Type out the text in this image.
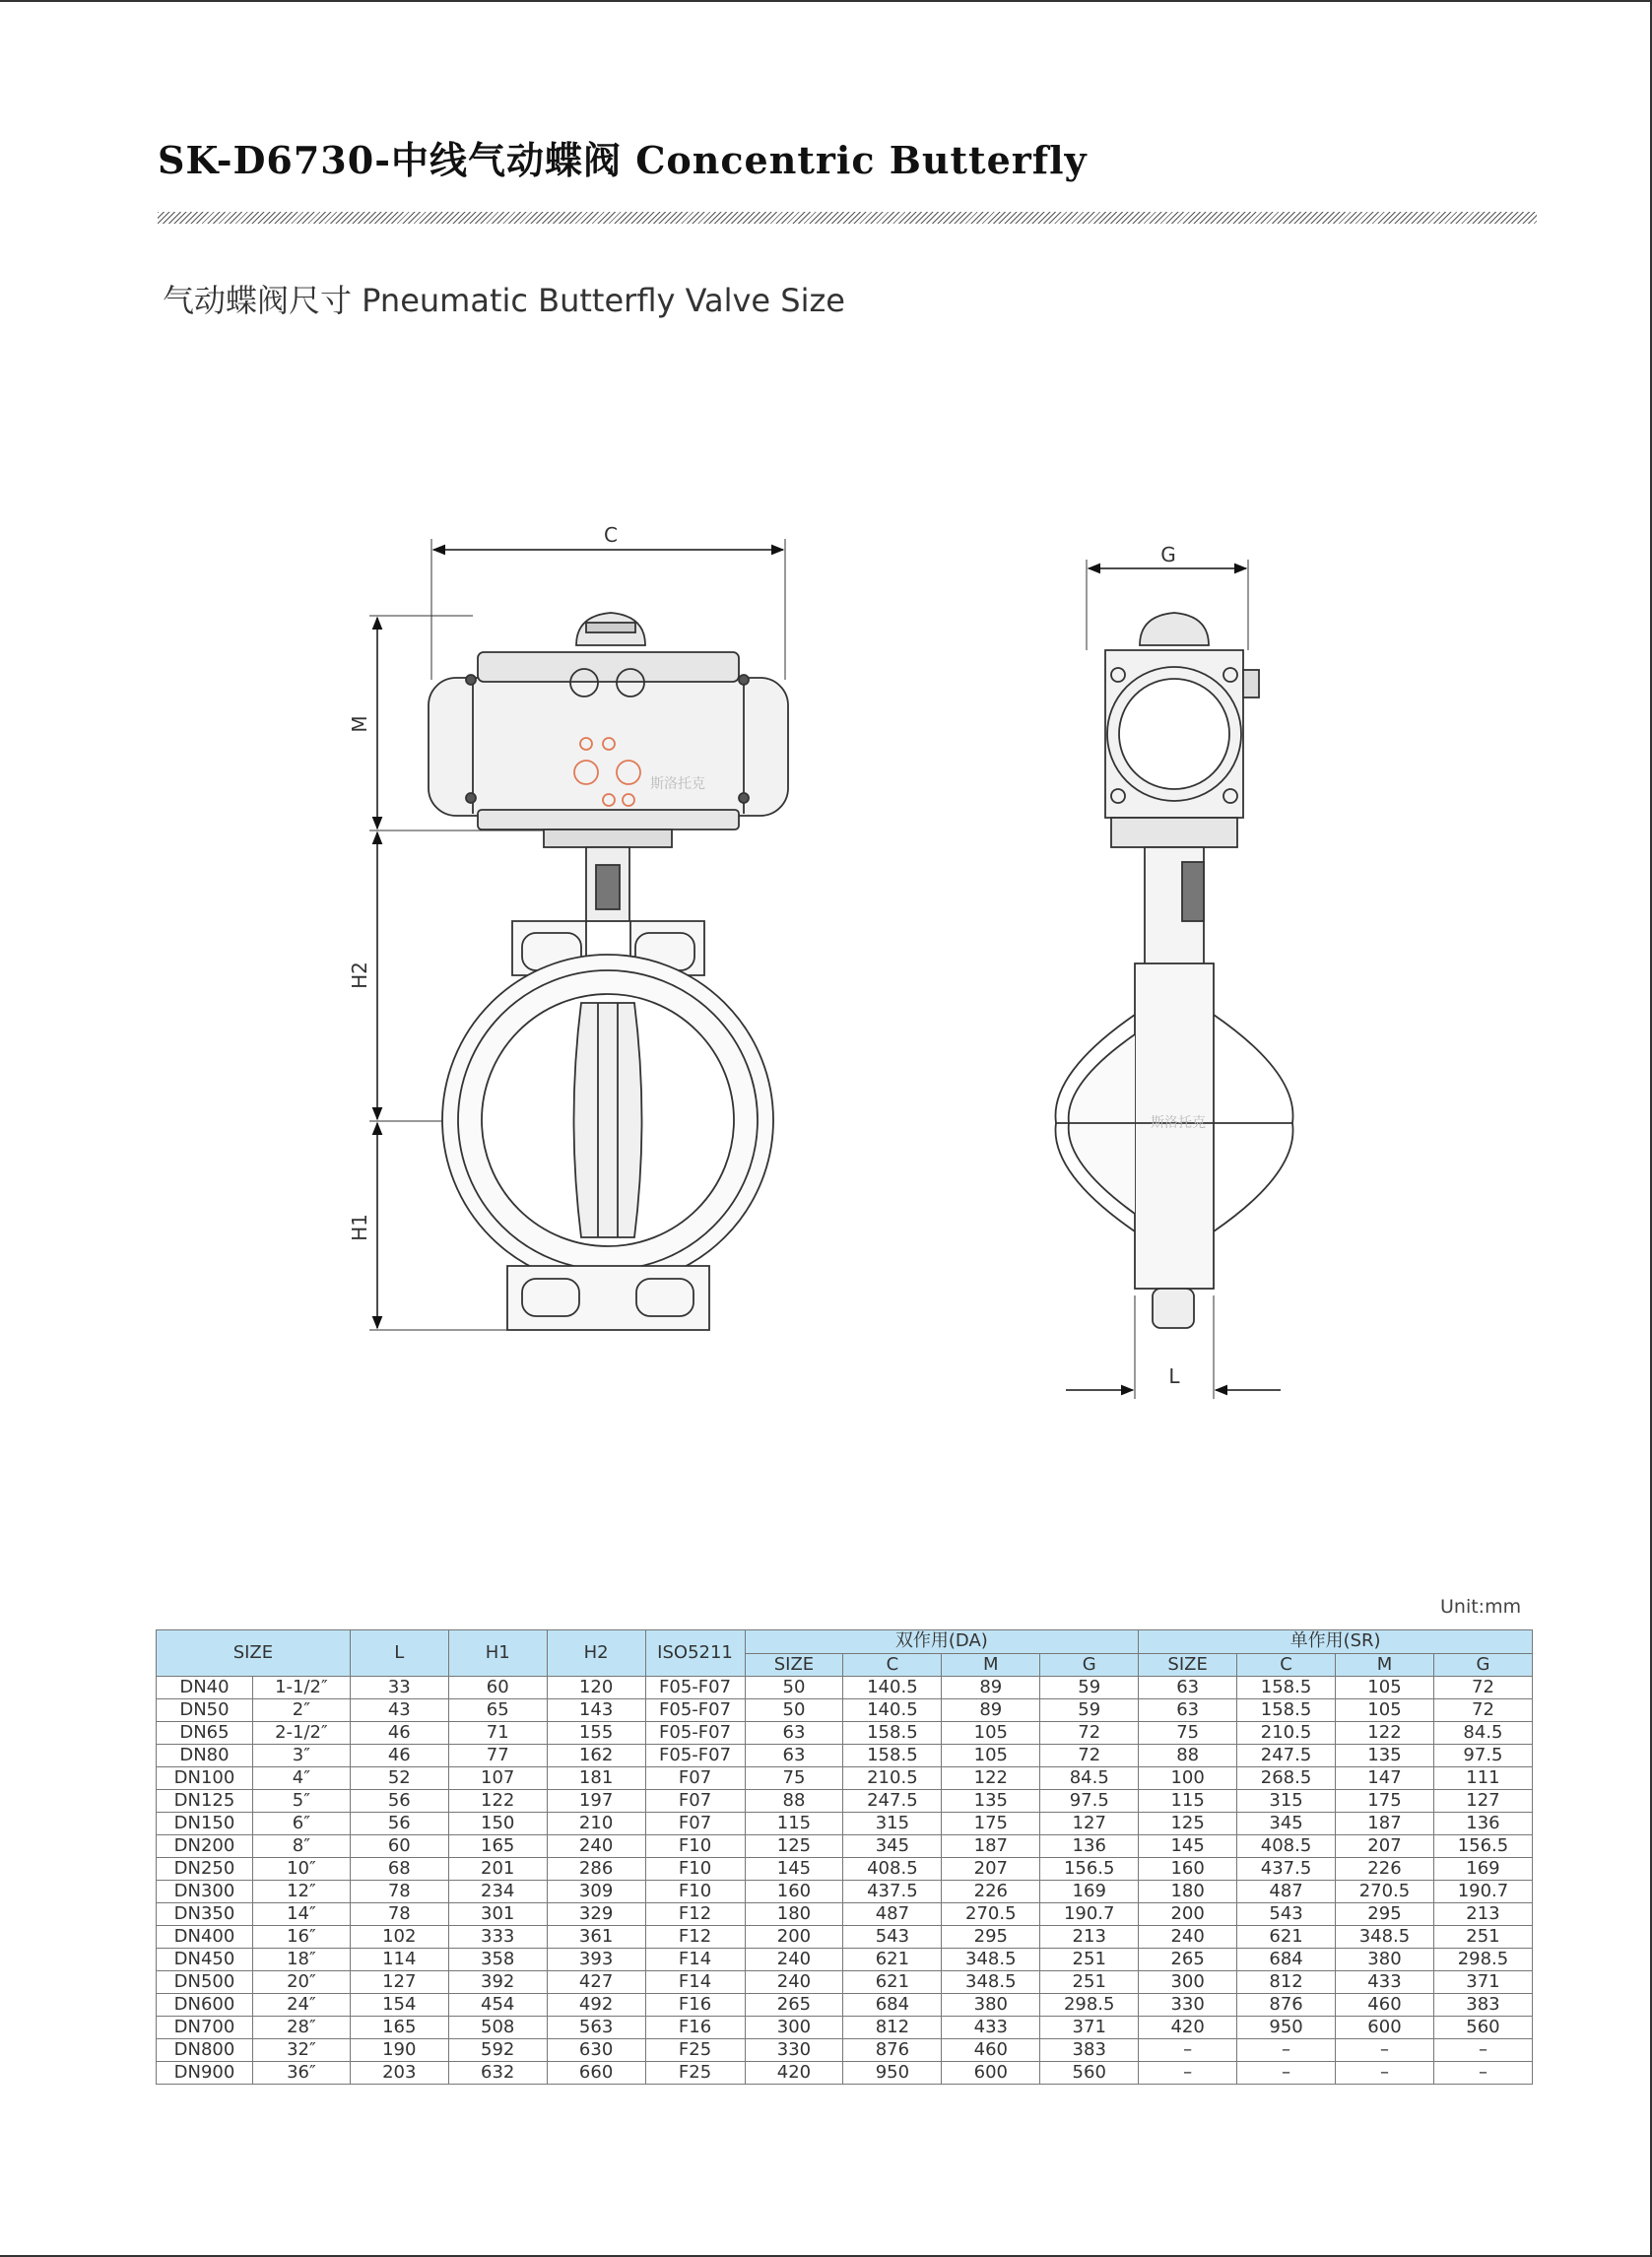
SK-D6730-中线气动蝶阀 Concentric Butterfly
气动蝶阀尺寸 Pneumatic Butterfly Valve Size
C
M
H2
H1
斯洛托克
G
L
斯洛托克
Unit:mm
SIZE		L	H1	H2	ISO5211	双作用(DA)				单作用(SR)			
						SIZE	C	M	G	SIZE	C	M	G
DN40	1-1/2″	33	60	120	F05-F07	50	140.5	89	59	63	158.5	105	72
DN50	2″	43	65	143	F05-F07	50	140.5	89	59	63	158.5	105	72
DN65	2-1/2″	46	71	155	F05-F07	63	158.5	105	72	75	210.5	122	84.5
DN80	3″	46	77	162	F05-F07	63	158.5	105	72	88	247.5	135	97.5
DN100	4″	52	107	181	F07	75	210.5	122	84.5	100	268.5	147	111
DN125	5″	56	122	197	F07	88	247.5	135	97.5	115	315	175	127
DN150	6″	56	150	210	F07	115	315	175	127	125	345	187	136
DN200	8″	60	165	240	F10	125	345	187	136	145	408.5	207	156.5
DN250	10″	68	201	286	F10	145	408.5	207	156.5	160	437.5	226	169
DN300	12″	78	234	309	F10	160	437.5	226	169	180	487	270.5	190.7
DN350	14″	78	301	329	F12	180	487	270.5	190.7	200	543	295	213
DN400	16″	102	333	361	F12	200	543	295	213	240	621	348.5	251
DN450	18″	114	358	393	F14	240	621	348.5	251	265	684	380	298.5
DN500	20″	127	392	427	F14	240	621	348.5	251	300	812	433	371
DN600	24″	154	454	492	F16	265	684	380	298.5	330	876	460	383
DN700	28″	165	508	563	F16	300	812	433	371	420	950	600	560
DN800	32″	190	592	630	F25	330	876	460	383	–	–	–	–
DN900	36″	203	632	660	F25	420	950	600	560	–	–	–	–
